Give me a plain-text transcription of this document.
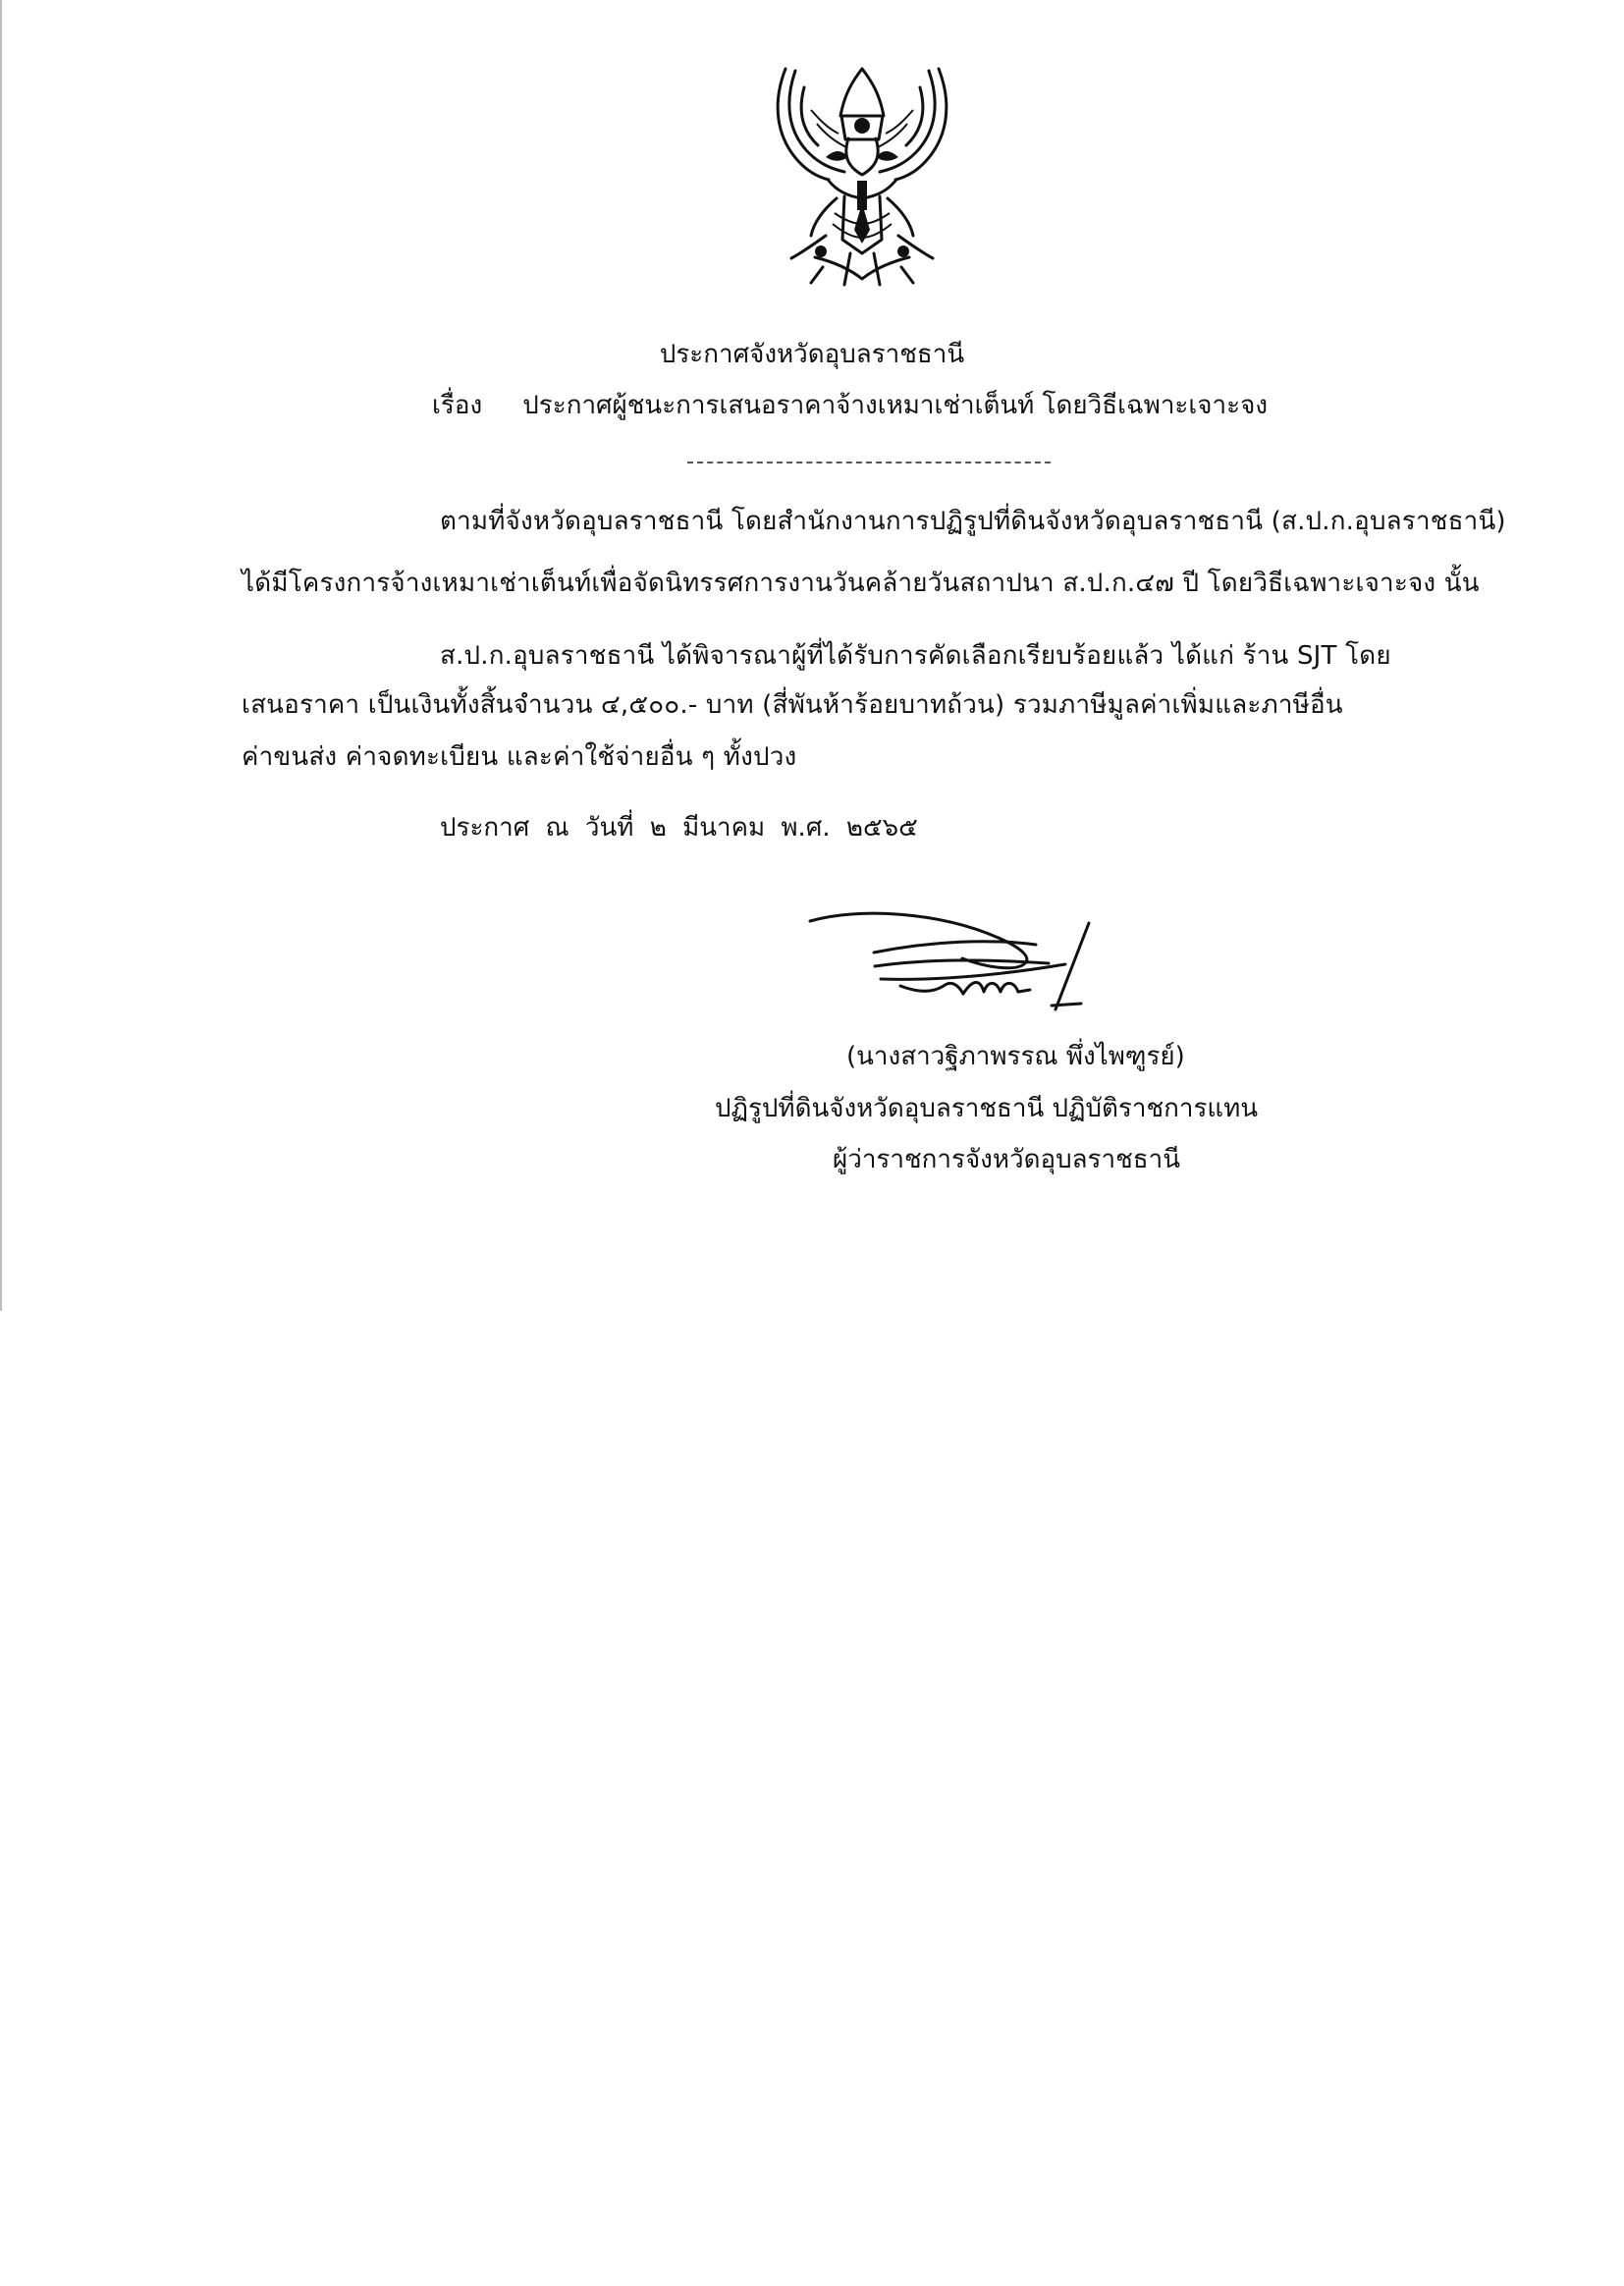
ประกาศจังหวัดอุบลราชธานี
เรื่อง ประกาศผู้ชนะการเสนอราคาจ้างเหมาเช่าเต็นท์ โดยวิธีเฉพาะเจาะจง
ตามที่จังหวัดอุบลราชธานี โดยสำนักงานการปฏิรูปที่ดินจังหวัดอุบลราชธานี (ส.ป.ก.อุบลราชธานี)
ได้มีโครงการจ้างเหมาเช่าเต็นท์เพื่อจัดนิทรรศการงานวันคล้ายวันสถาปนา ส.ป.ก.๔๗ ปี โดยวิธีเฉพาะเจาะจง นั้น
ส.ป.ก.อุบลราชธานี ได้พิจารณาผู้ที่ได้รับการคัดเลือกเรียบร้อยแล้ว ได้แก่ ร้าน SJT โดย
เสนอราคา เป็นเงินทั้งสิ้นจำนวน ๔,๕๐๐.- บาท (สี่พันห้าร้อยบาทถ้วน) รวมภาษีมูลค่าเพิ่มและภาษีอื่น
ค่าขนส่ง ค่าจดทะเบียน และค่าใช้จ่ายอื่น ๆ ทั้งปวง
ประกาศ ณ วันที่ ๒ มีนาคม พ.ศ. ๒๕๖๕
(นางสาวฐิภาพรรณ พึ่งไพฑูรย์)
ปฏิรูปที่ดินจังหวัดอุบลราชธานี ปฏิบัติราชการแทน
ผู้ว่าราชการจังหวัดอุบลราชธานี
